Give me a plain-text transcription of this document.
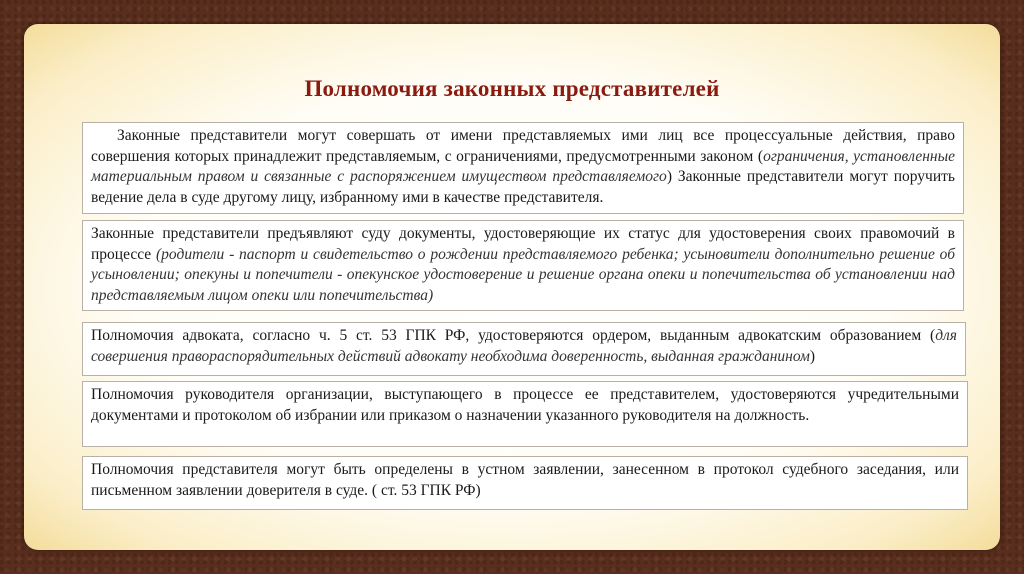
Полномочия законных представителей
Законные представители могут совершать от имени представляемых ими лиц все процессуальные действия, право совершения которых принадлежит представляемым, с ограничениями, предусмотренными законом (ограничения, установленные материальным правом и связанные с распоряжением имуществом представляемого) Законные представители могут поручить ведение дела в суде другому лицу, избранному ими в качестве представителя.
Законные представители предъявляют суду документы, удостоверяющие их статус для удостоверения своих правомочий в процессе (родители - паспорт и свидетельство о рождении представляемого ребенка; усыновители дополнительно решение об усыновлении; опекуны и попечители - опекунское удостоверение и решение органа опеки и попечительства об установлении над представляемым лицом опеки или попечительства)
Полномочия адвоката, согласно ч. 5 ст. 53 ГПК РФ, удостоверяются ордером, выданным адвокатским образованием (для совершения правораспорядительных действий адвокату необходима доверенность, выданная гражданином)
Полномочия руководителя организации, выступающего в процессе ее представителем, удостоверяются учредительными документами и протоколом об избрании или приказом о назначении указанного руководителя на должность.
Полномочия представителя могут быть определены в устном заявлении, занесенном в протокол судебного заседания, или письменном заявлении доверителя в суде. ( ст. 53 ГПК РФ)
